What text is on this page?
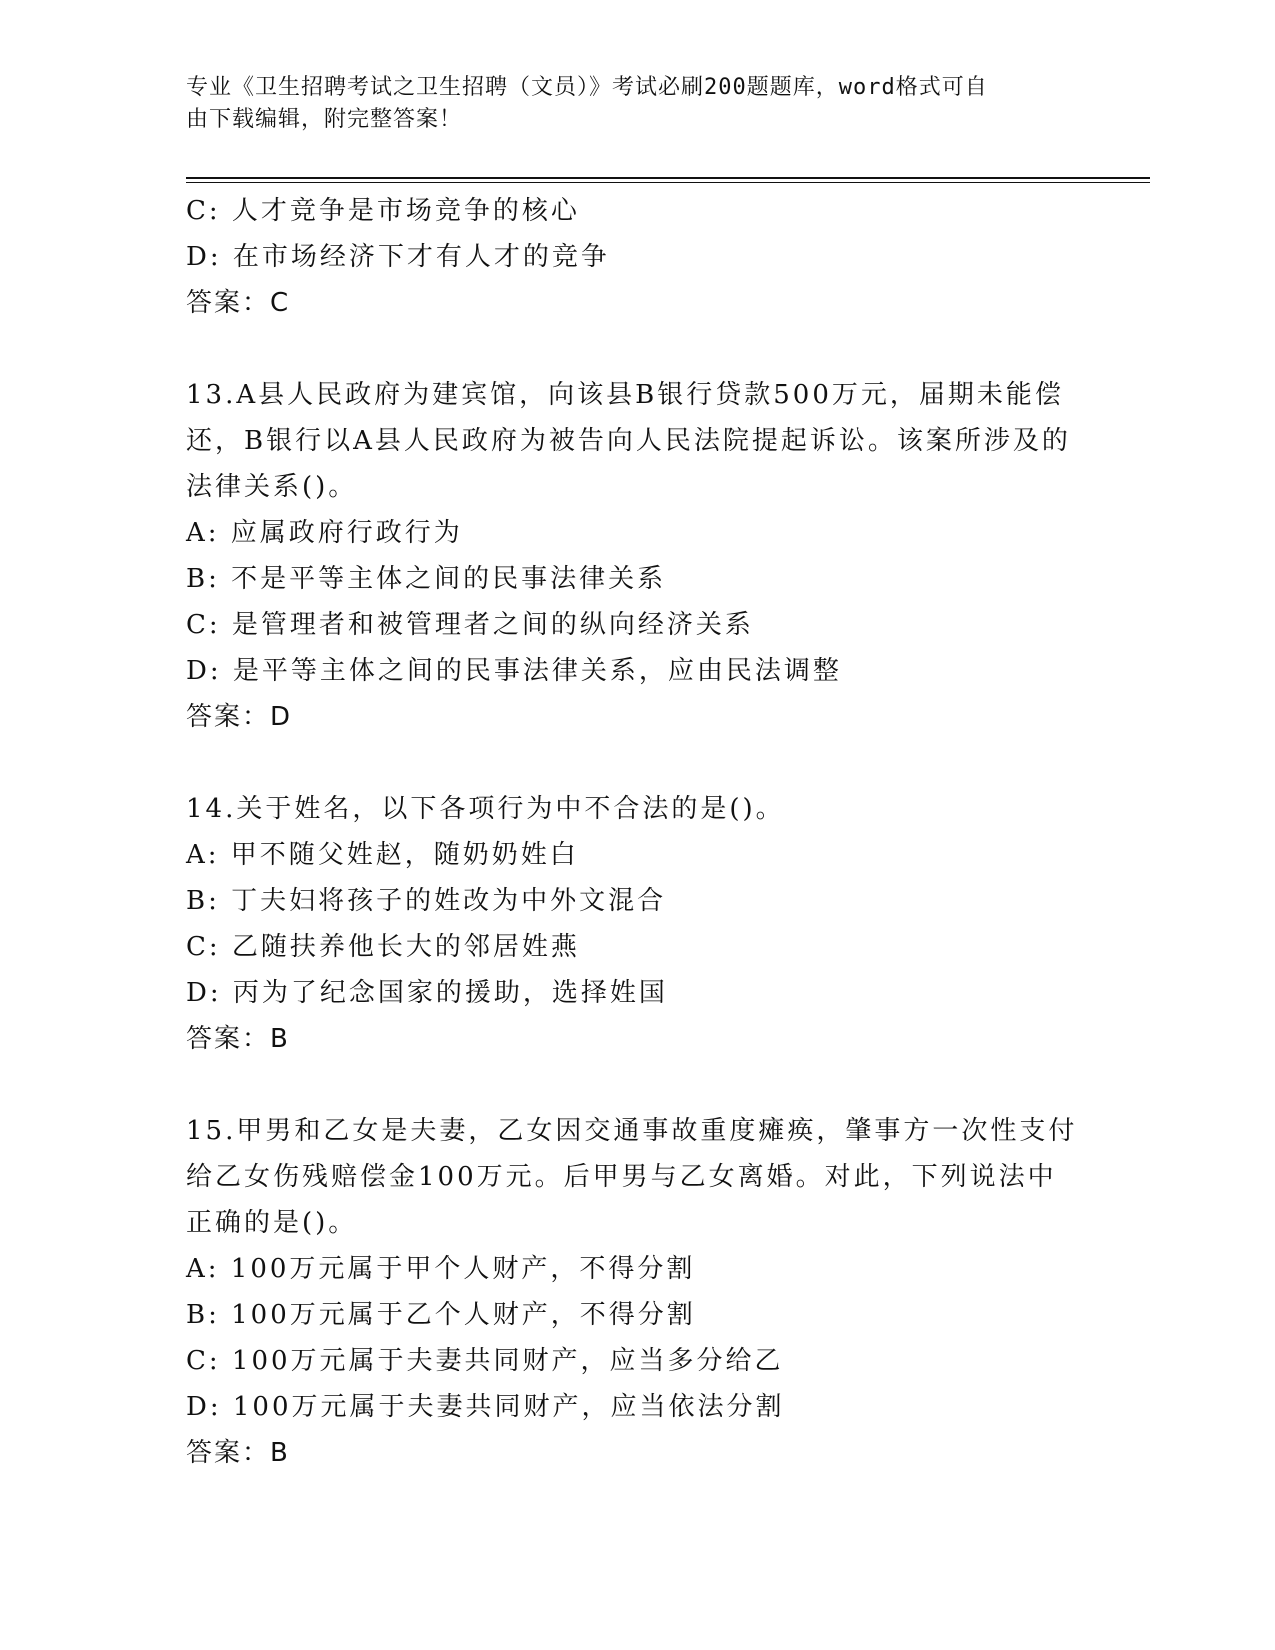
专业《卫生招聘考试之卫生招聘（文员）》考试必刷200题题库，word格式可自
由下载编辑，附完整答案！
C: 人才竞争是市场竞争的核心
D: 在市场经济下才有人才的竞争
答案：C
13.A县人民政府为建宾馆，向该县B银行贷款500万元，届期未能偿
还，B银行以A县人民政府为被告向人民法院提起诉讼。该案所涉及的
法律关系()。
A: 应属政府行政行为
B: 不是平等主体之间的民事法律关系
C: 是管理者和被管理者之间的纵向经济关系
D: 是平等主体之间的民事法律关系，应由民法调整
答案：D
14.关于姓名，以下各项行为中不合法的是()。
A: 甲不随父姓赵，随奶奶姓白
B: 丁夫妇将孩子的姓改为中外文混合
C: 乙随扶养他长大的邻居姓燕
D: 丙为了纪念国家的援助，选择姓国
答案：B
15.甲男和乙女是夫妻，乙女因交通事故重度瘫痪，肇事方一次性支付
给乙女伤残赔偿金100万元。后甲男与乙女离婚。对此，下列说法中
正确的是()。
A: 100万元属于甲个人财产，不得分割
B: 100万元属于乙个人财产，不得分割
C: 100万元属于夫妻共同财产，应当多分给乙
D: 100万元属于夫妻共同财产，应当依法分割
答案：B
